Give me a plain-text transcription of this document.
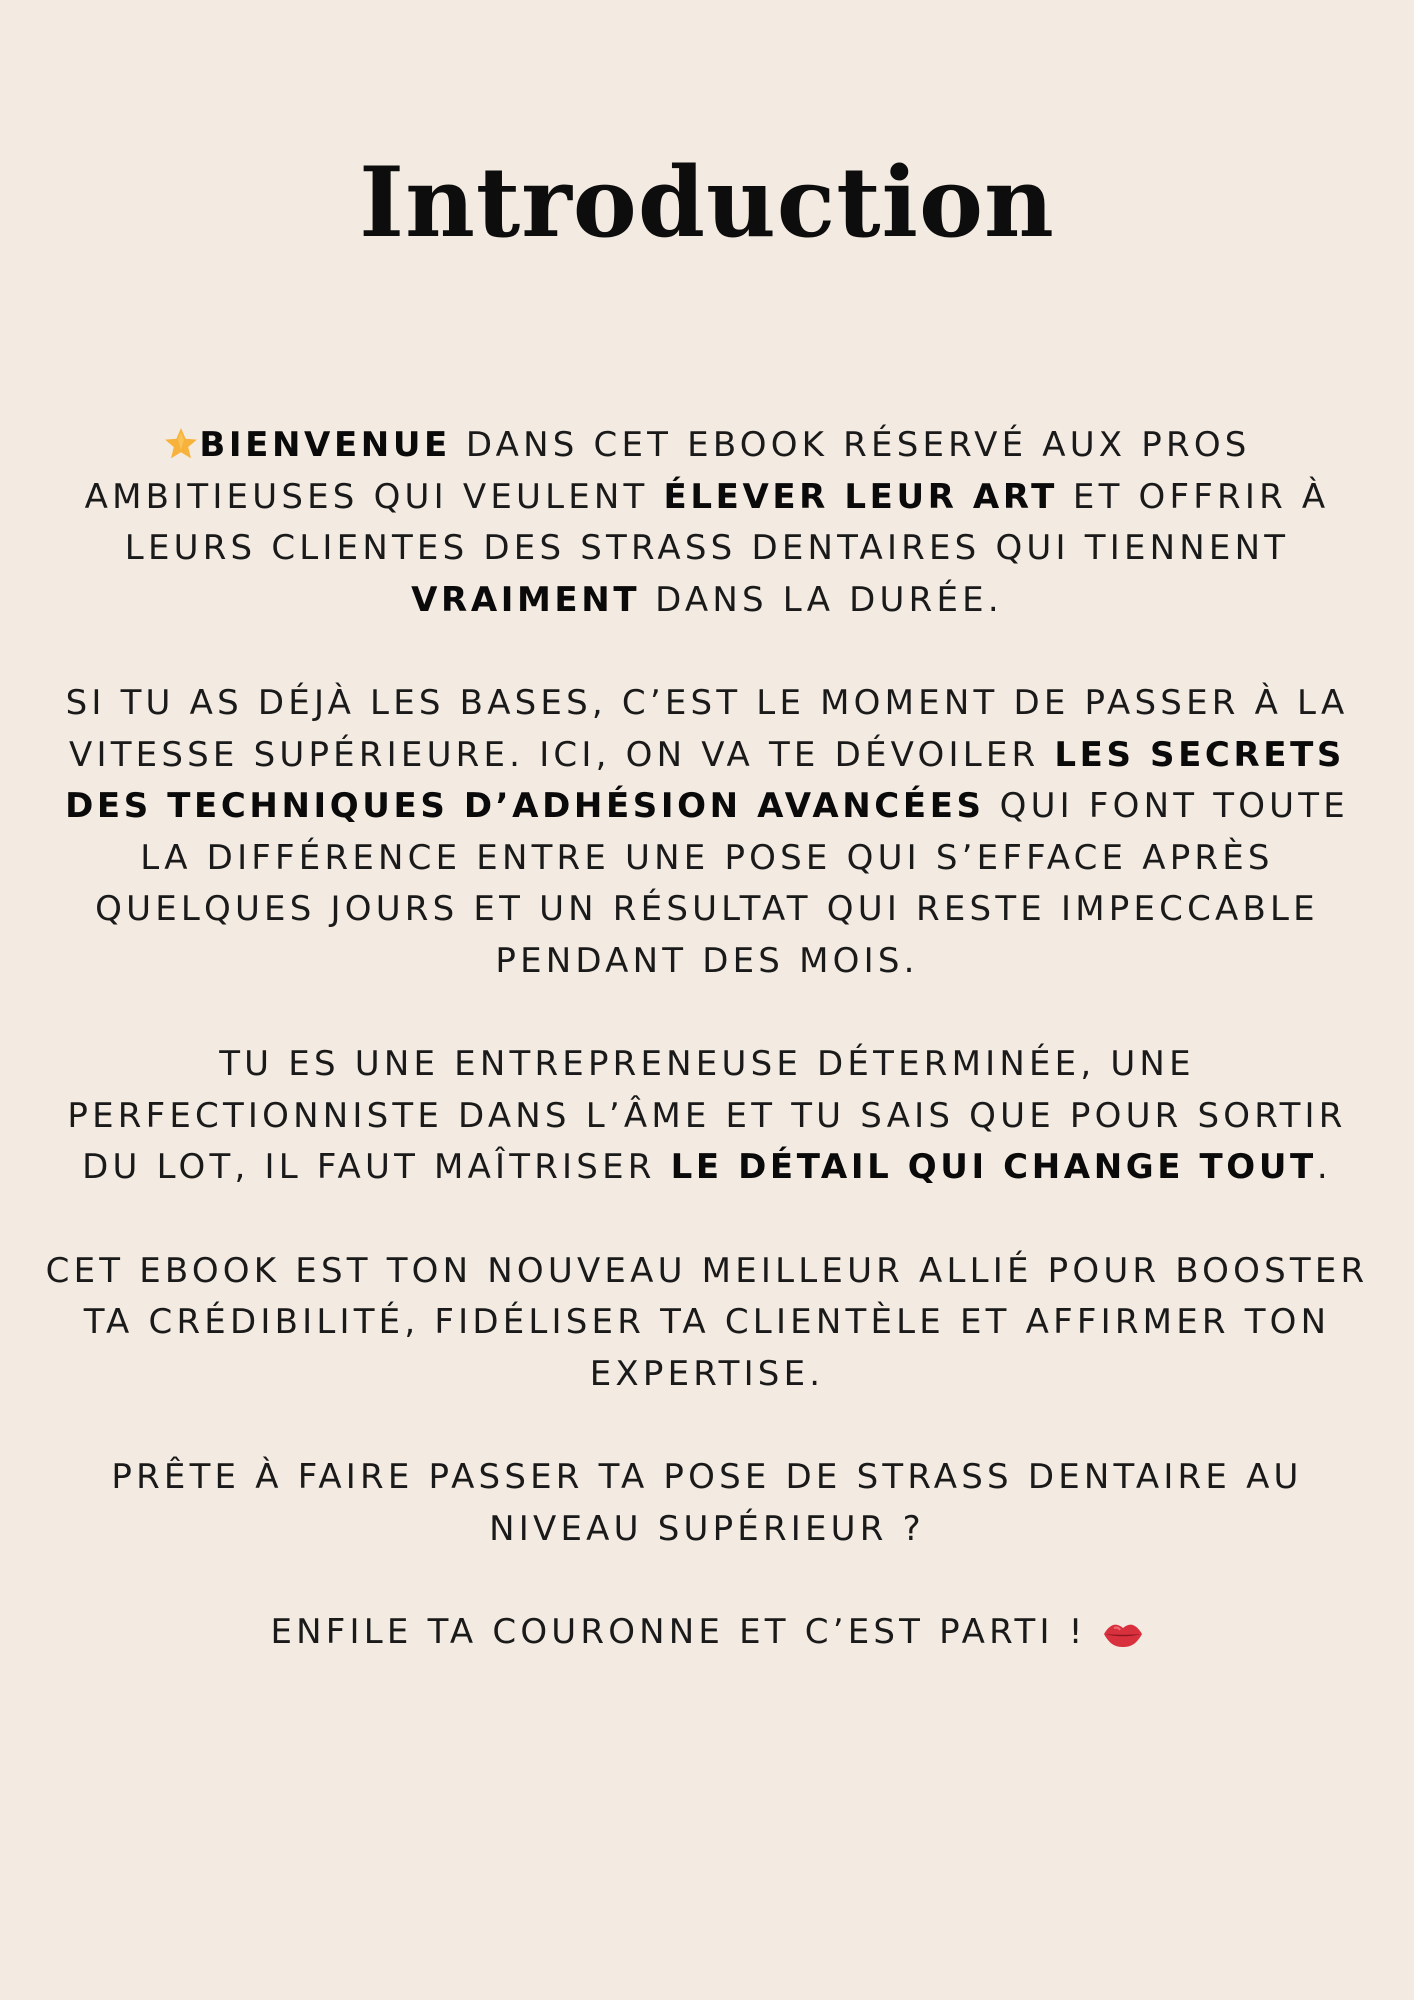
Introduction

BIENVENUE DANS CET EBOOK RÉSERVÉ AUX PROS AMBITIEUSES QUI VEULENT ÉLEVER LEUR ART ET OFFRIR À LEURS CLIENTES DES STRASS DENTAIRES QUI TIENNENT VRAIMENT DANS LA DURÉE.

SI TU AS DÉJÀ LES BASES, C’EST LE MOMENT DE PASSER À LA VITESSE SUPÉRIEURE. ICI, ON VA TE DÉVOILER LES SECRETS DES TECHNIQUES D’ADHÉSION AVANCÉES QUI FONT TOUTE LA DIFFÉRENCE ENTRE UNE POSE QUI S’EFFACE APRÈS QUELQUES JOURS ET UN RÉSULTAT QUI RESTE IMPECCABLE PENDANT DES MOIS.

TU ES UNE ENTREPRENEUSE DÉTERMINÉE, UNE PERFECTIONNISTE DANS L’ÂME ET TU SAIS QUE POUR SORTIR DU LOT, IL FAUT MAÎTRISER LE DÉTAIL QUI CHANGE TOUT.

CET EBOOK EST TON NOUVEAU MEILLEUR ALLIÉ POUR BOOSTER TA CRÉDIBILITÉ, FIDÉLISER TA CLIENTÈLE ET AFFIRMER TON EXPERTISE.

PRÊTE À FAIRE PASSER TA POSE DE STRASS DENTAIRE AU NIVEAU SUPÉRIEUR ?

ENFILE TA COURONNE ET C’EST PARTI !
